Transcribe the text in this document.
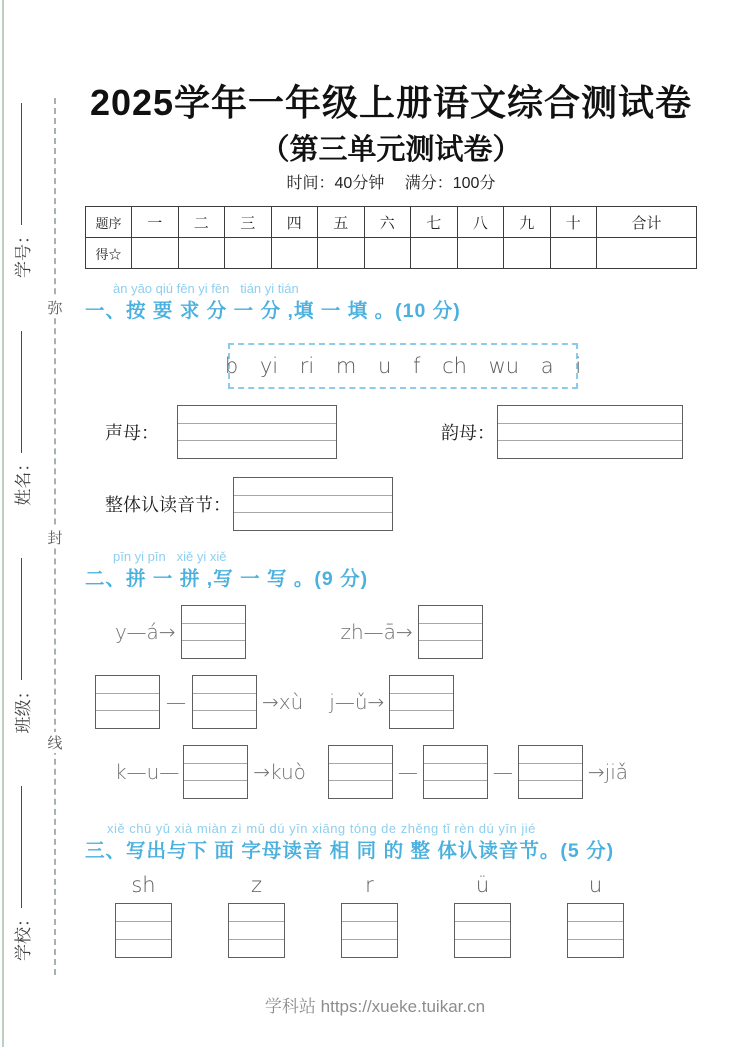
学校：
班级：
姓名：
学号：
弥
封
线
2025学年一年级上册语文综合测试卷
（第三单元测试卷）
时间：40分钟　 满分：100分
题序	一	二	三	四	五	六	七	八	九	十	合计
得☆											
àn yāo qiú fēn yi fēn   tián yi tián
一、按 要 求 分 一 分 ,填 一 填 。(10 分)
b yi ri m u f ch wu a i
声母：	韵母：
整体认读音节：
pīn yi pīn   xiě yi xiě
二、拼 一 拼 ,写 一 写 。(9 分)
y—á→	zh—ā→
—	→xù j—ǔ→
k—u—	→kuò	—	—	→jiǎ
xiě chū yǔ xià miàn zì mǔ dú yīn xiāng tóng de zhěng tǐ rèn dú yīn jié
三、写出与下 面 字母读音 相 同 的 整 体认读音节。(5 分)
sh	z	r	ü	u
学科站 https://xueke.tuikar.cn
